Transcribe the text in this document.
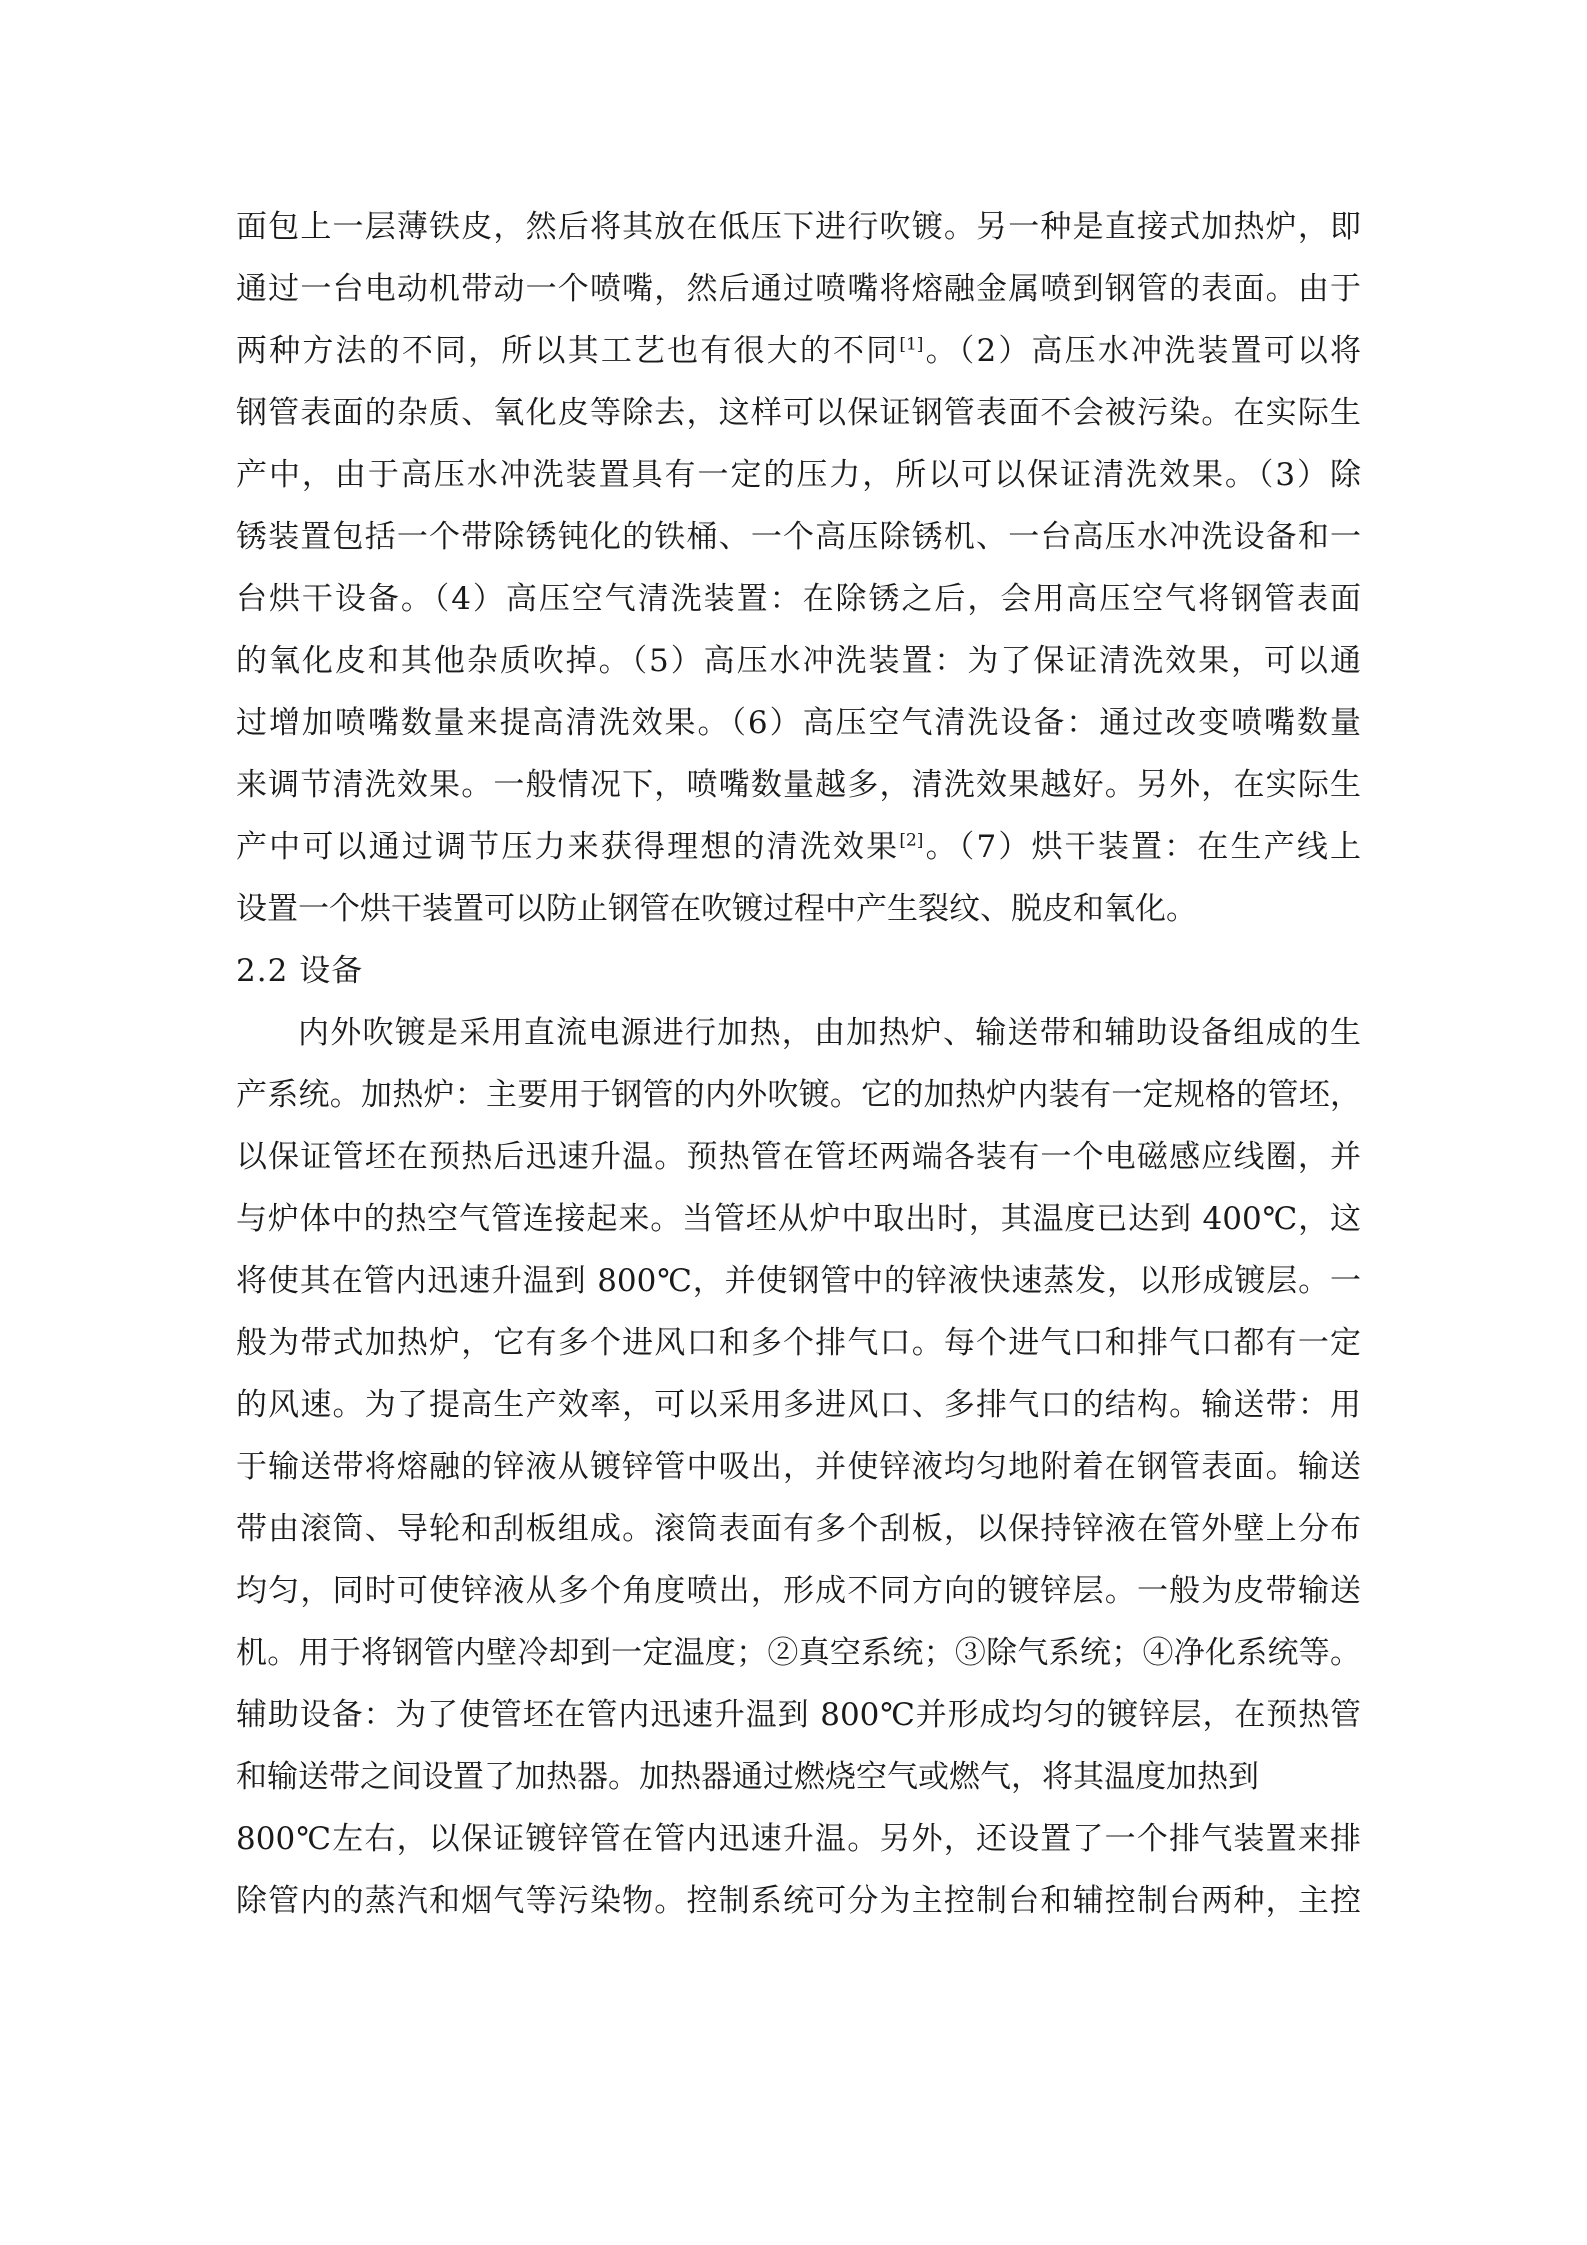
面包上一层薄铁皮，然后将其放在低压下进行吹镀。另一种是直接式加热炉，即
通过一台电动机带动一个喷嘴，然后通过喷嘴将熔融金属喷到钢管的表面。由于
两种方法的不同，所以其工艺也有很大的不同[1]。（2）高压水冲洗装置可以将
钢管表面的杂质、氧化皮等除去，这样可以保证钢管表面不会被污染。在实际生
产中，由于高压水冲洗装置具有一定的压力，所以可以保证清洗效果。（3）除
锈装置包括一个带除锈钝化的铁桶、一个高压除锈机、一台高压水冲洗设备和一
台烘干设备。（4）高压空气清洗装置：在除锈之后，会用高压空气将钢管表面
的氧化皮和其他杂质吹掉。（5）高压水冲洗装置：为了保证清洗效果，可以通
过增加喷嘴数量来提高清洗效果。（6）高压空气清洗设备：通过改变喷嘴数量
来调节清洗效果。一般情况下，喷嘴数量越多，清洗效果越好。另外，在实际生
产中可以通过调节压力来获得理想的清洗效果[2]。（7）烘干装置：在生产线上
设置一个烘干装置可以防止钢管在吹镀过程中产生裂纹、脱皮和氧化。
2.2 设备
内外吹镀是采用直流电源进行加热，由加热炉、输送带和辅助设备组成的生
产系统。加热炉：主要用于钢管的内外吹镀。它的加热炉内装有一定规格的管坯，
以保证管坯在预热后迅速升温。预热管在管坯两端各装有一个电磁感应线圈，并
与炉体中的热空气管连接起来。当管坯从炉中取出时，其温度已达到 400℃，这
将使其在管内迅速升温到 800℃，并使钢管中的锌液快速蒸发，以形成镀层。一
般为带式加热炉，它有多个进风口和多个排气口。每个进气口和排气口都有一定
的风速。为了提高生产效率，可以采用多进风口、多排气口的结构。输送带：用
于输送带将熔融的锌液从镀锌管中吸出，并使锌液均匀地附着在钢管表面。输送
带由滚筒、导轮和刮板组成。滚筒表面有多个刮板，以保持锌液在管外壁上分布
均匀，同时可使锌液从多个角度喷出，形成不同方向的镀锌层。一般为皮带输送
机。用于将钢管内壁冷却到一定温度；②真空系统；③除气系统；④净化系统等。
辅助设备：为了使管坯在管内迅速升温到 800℃并形成均匀的镀锌层，在预热管
和输送带之间设置了加热器。加热器通过燃烧空气或燃气，将其温度加热到
800℃左右，以保证镀锌管在管内迅速升温。另外，还设置了一个排气装置来排
除管内的蒸汽和烟气等污染物。控制系统可分为主控制台和辅控制台两种，主控
